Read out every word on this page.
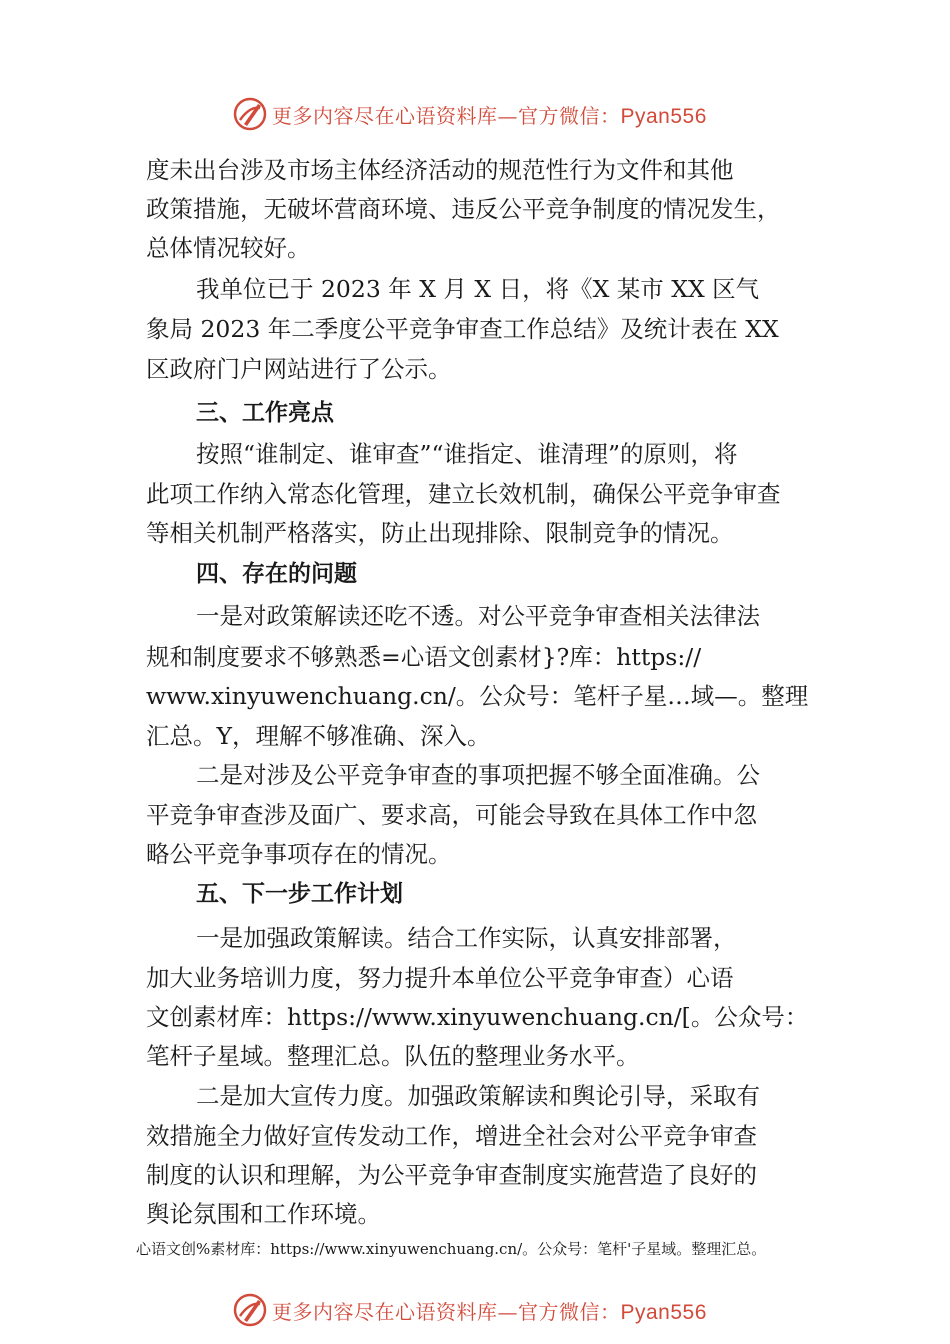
更多内容尽在心语资料库—官方微信：Pyan556
度未出台涉及市场主体经济活动的规范性行为文件和其他
政策措施，无破坏营商环境、违反公平竞争制度的情况发生，
总体情况较好。
我单位已于 2023 年 X 月 X 日，将《X 某市 XX 区气
象局 2023 年二季度公平竞争审查工作总结》及统计表在 XX
区政府门户网站进行了公示。
三、工作亮点
按照“谁制定、谁审查”“谁指定、谁清理”的原则，将
此项工作纳入常态化管理，建立长效机制，确保公平竞争审查
等相关机制严格落实，防止出现排除、限制竞争的情况。
四、存在的问题
一是对政策解读还吃不透。对公平竞争审查相关法律法
规和制度要求不够熟悉=心语文创素材}?库：https://
www.xinyuwenchuang.cn/。公众号：笔杆子星…域—。整理
汇总。Y，理解不够准确、深入。
二是对涉及公平竞争审查的事项把握不够全面准确。公
平竞争审查涉及面广、要求高，可能会导致在具体工作中忽
略公平竞争事项存在的情况。
五、下一步工作计划
一是加强政策解读。结合工作实际，认真安排部署，
加大业务培训力度，努力提升本单位公平竞争审查）心语
文创素材库：https://www.xinyuwenchuang.cn/[。公众号：
笔杆子星域。整理汇总。队伍的整理业务水平。
二是加大宣传力度。加强政策解读和舆论引导，采取有
效措施全力做好宣传发动工作，增进全社会对公平竞争审查
制度的认识和理解，为公平竞争审查制度实施营造了良好的
舆论氛围和工作环境。
心语文创%素材库：https://www.xinyuwenchuang.cn/。公众号：笔杆'子星域。整理汇总。
更多内容尽在心语资料库—官方微信：Pyan556
